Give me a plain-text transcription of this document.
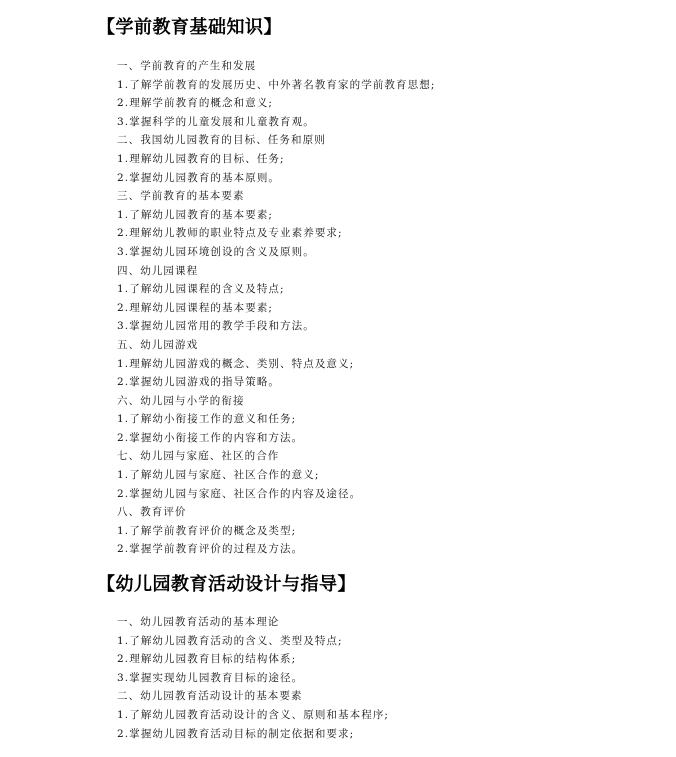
【学前教育基础知识】
一、学前教育的产生和发展
1.了解学前教育的发展历史、中外著名教育家的学前教育思想;
2.理解学前教育的概念和意义;
3.掌握科学的儿童发展和儿童教育观。
二、我国幼儿园教育的目标、任务和原则
1.理解幼儿园教育的目标、任务;
2.掌握幼儿园教育的基本原则。
三、学前教育的基本要素
1.了解幼儿园教育的基本要素;
2.理解幼儿教师的职业特点及专业素养要求;
3.掌握幼儿园环境创设的含义及原则。
四、幼儿园课程
1.了解幼儿园课程的含义及特点;
2.理解幼儿园课程的基本要素;
3.掌握幼儿园常用的教学手段和方法。
五、幼儿园游戏
1.理解幼儿园游戏的概念、类别、特点及意义;
2.掌握幼儿园游戏的指导策略。
六、幼儿园与小学的衔接
1.了解幼小衔接工作的意义和任务;
2.掌握幼小衔接工作的内容和方法。
七、幼儿园与家庭、社区的合作
1.了解幼儿园与家庭、社区合作的意义;
2.掌握幼儿园与家庭、社区合作的内容及途径。
八、教育评价
1.了解学前教育评价的概念及类型;
2.掌握学前教育评价的过程及方法。
【幼儿园教育活动设计与指导】
一、幼儿园教育活动的基本理论
1.了解幼儿园教育活动的含义、类型及特点;
2.理解幼儿园教育目标的结构体系;
3.掌握实现幼儿园教育目标的途径。
二、幼儿园教育活动设计的基本要素
1.了解幼儿园教育活动设计的含义、原则和基本程序;
2.掌握幼儿园教育活动目标的制定依据和要求;
